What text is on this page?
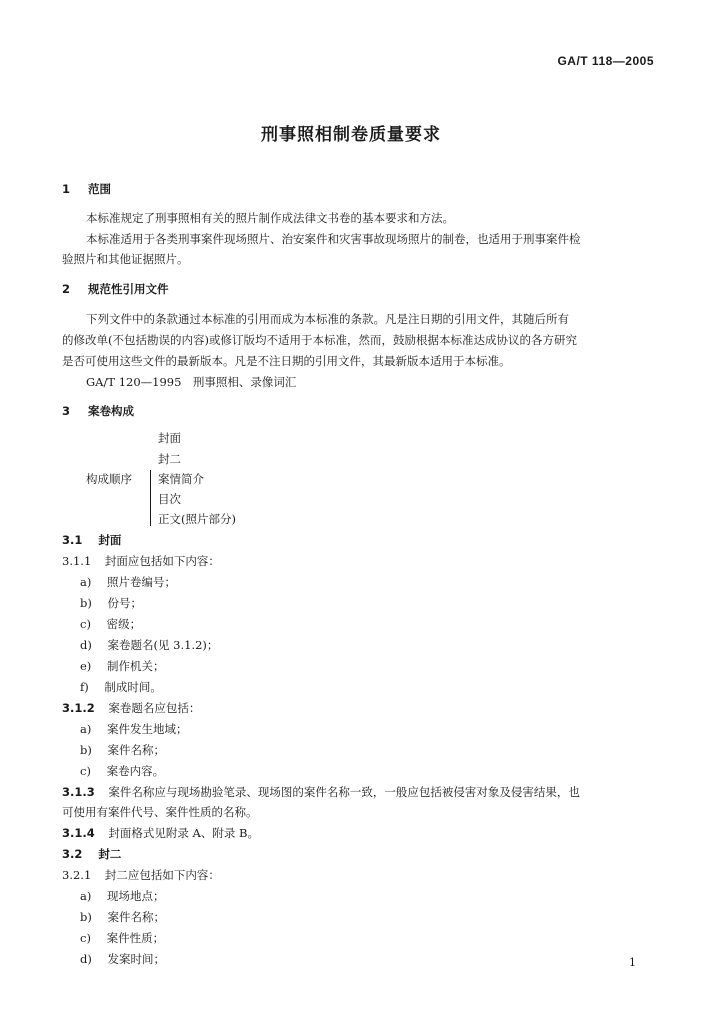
GA/T 118—2005
刑事照相制卷质量要求
1 范围
本标准规定了刑事照相有关的照片制作成法律文书卷的基本要求和方法。
本标准适用于各类刑事案件现场照片、治安案件和灾害事故现场照片的制卷，也适用于刑事案件检
验照片和其他证据照片。
2 规范性引用文件
下列文件中的条款通过本标准的引用而成为本标准的条款。凡是注日期的引用文件，其随后所有
的修改单(不包括勘误的内容)或修订版均不适用于本标准，然而，鼓励根据本标准达成协议的各方研究
是否可使用这些文件的最新版本。凡是不注日期的引用文件，其最新版本适用于本标准。
GA/T 120—1995　刑事照相、录像词汇
3 案卷构成
封面
封二
构成顺序 案情简介
目次
正文(照片部分)
3.1 封面
3.1.1 封面应包括如下内容：
a) 照片卷编号；
b) 份号；
c) 密级；
d) 案卷题名(见 3.1.2)；
e) 制作机关；
f) 制成时间。
3.1.2 案卷题名应包括：
a) 案件发生地域；
b) 案件名称；
c) 案卷内容。
3.1.3 案件名称应与现场勘验笔录、现场图的案件名称一致，一般应包括被侵害对象及侵害结果，也
可使用有案件代号、案件性质的名称。
3.1.4 封面格式见附录 A、附录 B。
3.2 封二
3.2.1 封二应包括如下内容：
a) 现场地点；
b) 案件名称；
c) 案件性质；
d) 发案时间；	1
